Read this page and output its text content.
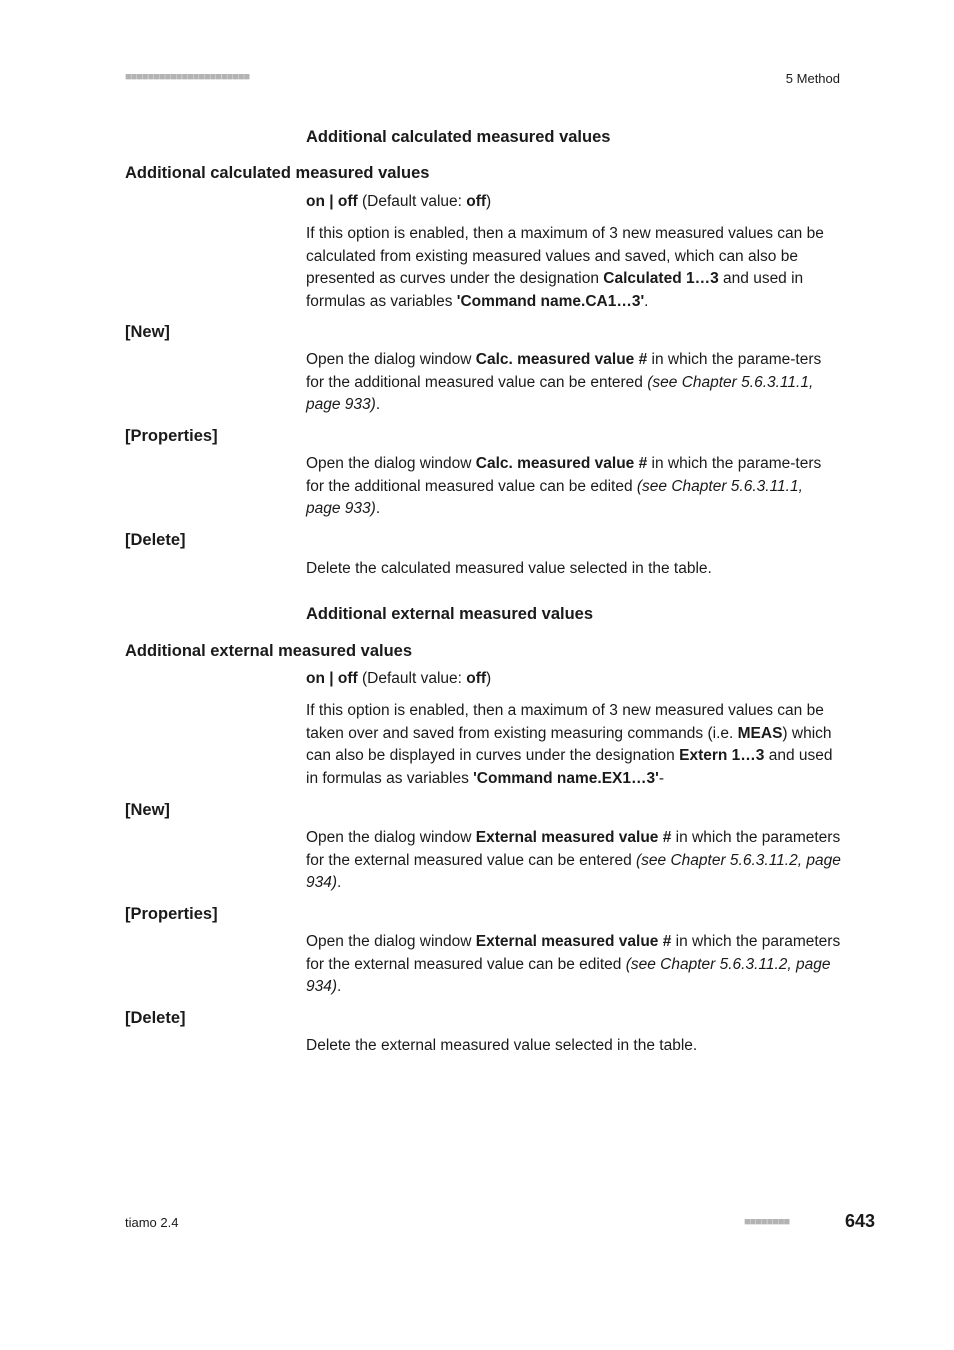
■■■■■■■■■■■■■■■■■■■■■■	5 Method
Additional calculated measured values
Additional calculated measured values
on | off (Default value: off)
If this option is enabled, then a maximum of 3 new measured values can be calculated from existing measured values and saved, which can also be presented as curves under the designation Calculated 1…3 and used in formulas as variables 'Command name.CA1…3'.
[New]
Open the dialog window Calc. measured value # in which the parame-ters for the additional measured value can be entered (see Chapter 5.6.3.11.1, page 933).
[Properties]
Open the dialog window Calc. measured value # in which the parame-ters for the additional measured value can be edited (see Chapter 5.6.3.11.1, page 933).
[Delete]
Delete the calculated measured value selected in the table.
Additional external measured values
Additional external measured values
on | off (Default value: off)
If this option is enabled, then a maximum of 3 new measured values can be taken over and saved from existing measuring commands (i.e. MEAS) which can also be displayed in curves under the designation Extern 1…3 and used in formulas as variables 'Command name.EX1…3'-
[New]
Open the dialog window External measured value # in which the parameters for the external measured value can be entered (see Chapter 5.6.3.11.2, page 934).
[Properties]
Open the dialog window External measured value # in which the parameters for the external measured value can be edited (see Chapter 5.6.3.11.2, page 934).
[Delete]
Delete the external measured value selected in the table.
tiamo 2.4	■■■■■■■■	643
